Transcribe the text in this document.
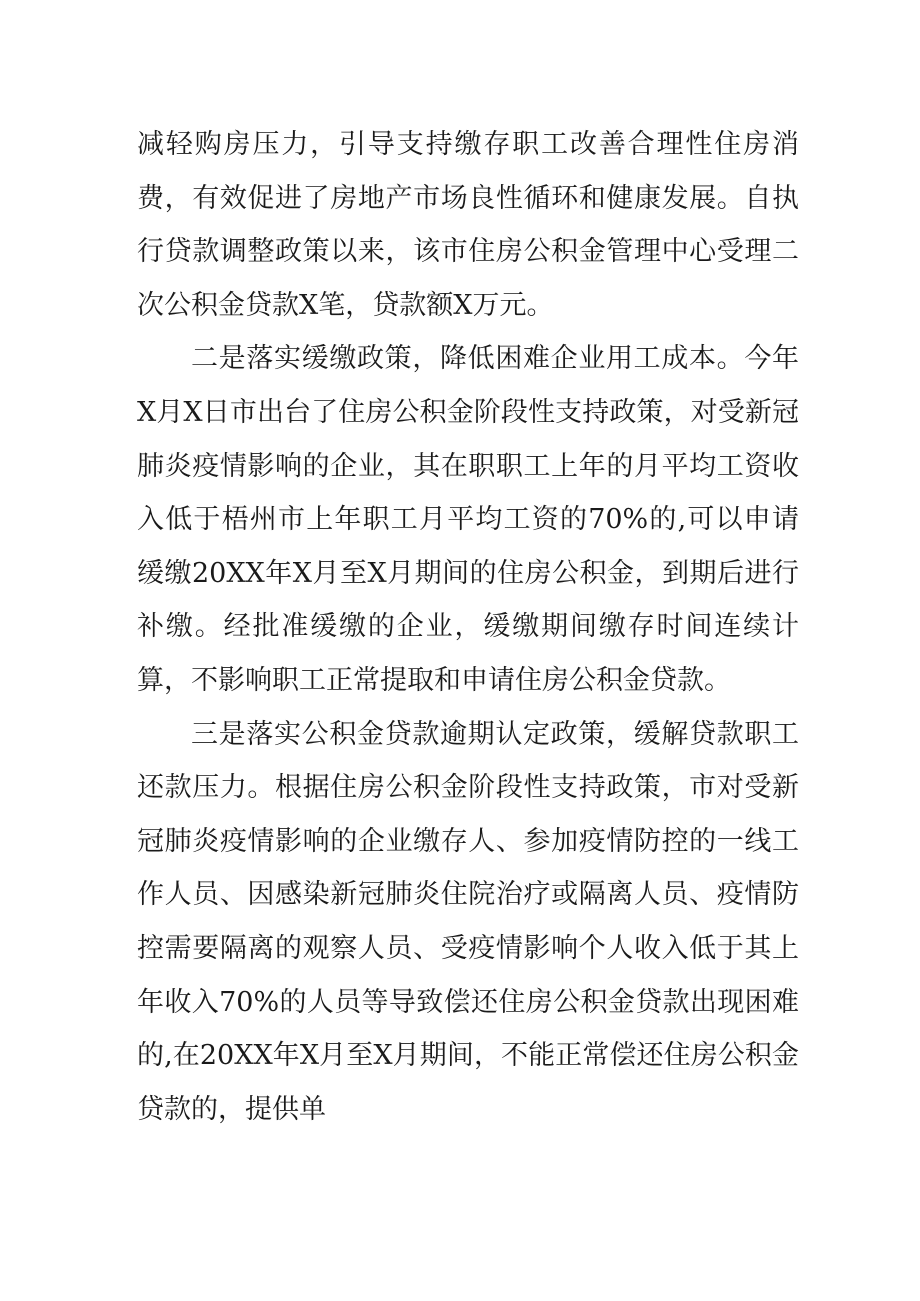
减轻购房压力，引导支持缴存职工改善合理性住房消费，有效促进了房地产市场良性循环和健康发展。自执行贷款调整政策以来，该市住房公积金管理中心受理二次公积金贷款X笔，贷款额X万元。

二是落实缓缴政策，降低困难企业用工成本。今年X月X日市出台了住房公积金阶段性支持政策，对受新冠肺炎疫情影响的企业，其在职职工上年的月平均工资收入低于梧州市上年职工月平均工资的70%的,可以申请缓缴20XX年X月至X月期间的住房公积金，到期后进行补缴。经批准缓缴的企业，缓缴期间缴存时间连续计算，不影响职工正常提取和申请住房公积金贷款。

三是落实公积金贷款逾期认定政策，缓解贷款职工还款压力。根据住房公积金阶段性支持政策，市对受新冠肺炎疫情影响的企业缴存人、参加疫情防控的一线工作人员、因感染新冠肺炎住院治疗或隔离人员、疫情防控需要隔离的观察人员、受疫情影响个人收入低于其上年收入70%的人员等导致偿还住房公积金贷款出现困难的,在20XX年X月至X月期间，不能正常偿还住房公积金贷款的，提供单
